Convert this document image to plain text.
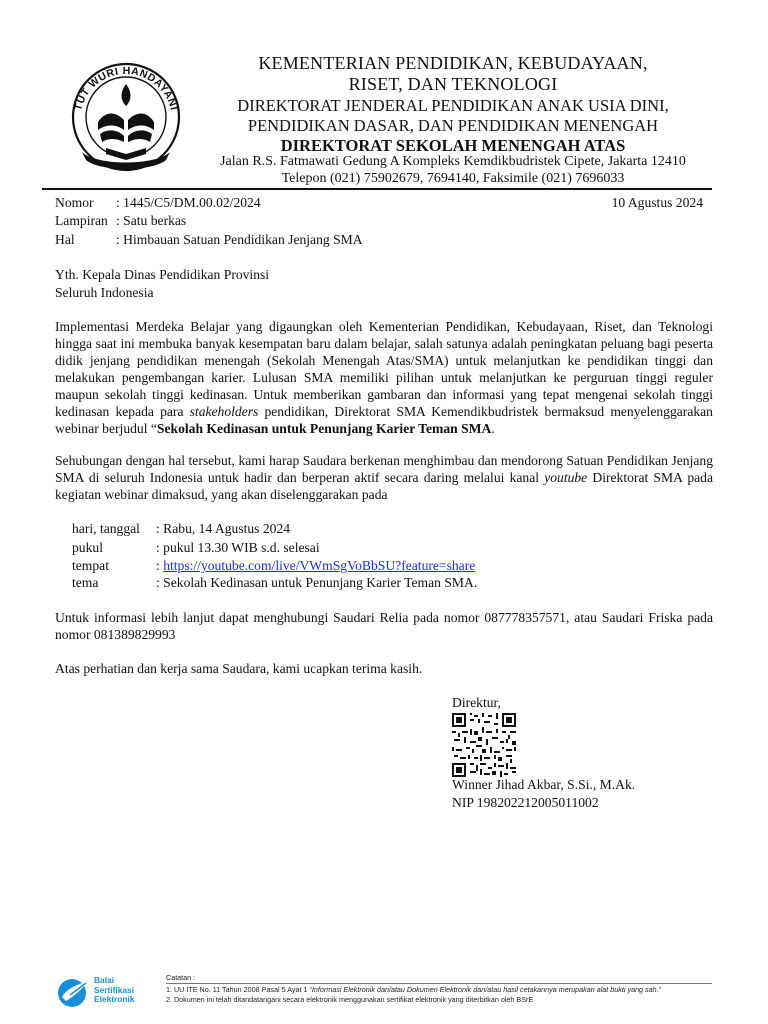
TUT WURI HANDAYANI
KEMENTERIAN PENDIDIKAN, KEBUDAYAAN,
RISET, DAN TEKNOLOGI
DIREKTORAT JENDERAL PENDIDIKAN ANAK USIA DINI,
PENDIDIKAN DASAR, DAN PENDIDIKAN MENENGAH
DIREKTORAT SEKOLAH MENENGAH ATAS
Jalan R.S. Fatmawati Gedung A Kompleks Kemdikbudristek Cipete, Jakarta 12410
Telepon (021) 75902679, 7694140, Faksimile (021) 7696033
Nomor : 1445/C5/DM.00.02/2024	10 Agustus 2024
Lampiran : Satu berkas
Hal	: Himbauan Satuan Pendidikan Jenjang SMA
Yth. Kepala Dinas Pendidikan Provinsi
Seluruh Indonesia
Implementasi Merdeka Belajar yang digaungkan oleh Kementerian Pendidikan, Kebudayaan, Riset, dan Teknologi hingga saat ini membuka banyak kesempatan baru dalam belajar, salah satunya adalah peningkatan peluang bagi peserta didik jenjang pendidikan menengah (Sekolah Menengah Atas/SMA) untuk melanjutkan ke pendidikan tinggi dan melakukan pengembangan karier. Lulusan SMA memiliki pilihan untuk melanjutkan ke perguruan tinggi reguler maupun sekolah tinggi kedinasan. Untuk memberikan gambaran dan informasi yang tepat mengenai sekolah tinggi kedinasan kepada para stakeholders pendidikan, Direktorat SMA Kemendikbudristek bermaksud menyelenggarakan webinar berjudul “Sekolah Kedinasan untuk Penunjang Karier Teman SMA.
Sehubungan dengan hal tersebut, kami harap Saudara berkenan menghimbau dan mendorong Satuan Pendidikan Jenjang SMA di seluruh Indonesia untuk hadir dan berperan aktif secara daring melalui kanal youtube Direktorat SMA pada kegiatan webinar dimaksud, yang akan diselenggarakan pada
hari, tanggal : Rabu, 14 Agustus 2024
pukul	: pukul 13.30 WIB s.d. selesai
tempat	: https://youtube.com/live/VWmSgVoBbSU?feature=share
tema	: Sekolah Kedinasan untuk Penunjang Karier Teman SMA.
Untuk informasi lebih lanjut dapat menghubungi Saudari Relia pada nomor 087778357571, atau Saudari Friska pada nomor 081389829993
Atas perhatian dan kerja sama Saudara, kami ucapkan terima kasih.
Direktur,
Winner Jihad Akbar, S.Si., M.Ak.
NIP 198202212005011002
Balai
Sertifikasi
Elektronik
Catatan :
1. UU ITE No. 11 Tahun 2008 Pasal 5 Ayat 1 “Informasi Elektronik dan/atau Dokumen Elektronik dan/atau hasil cetakannya merupakan alat bukti yang sah.”
2. Dokumen ini telah ditandatangani secara elektronik menggunakan sertifikat elektronik yang diterbitkan oleh BSrE
